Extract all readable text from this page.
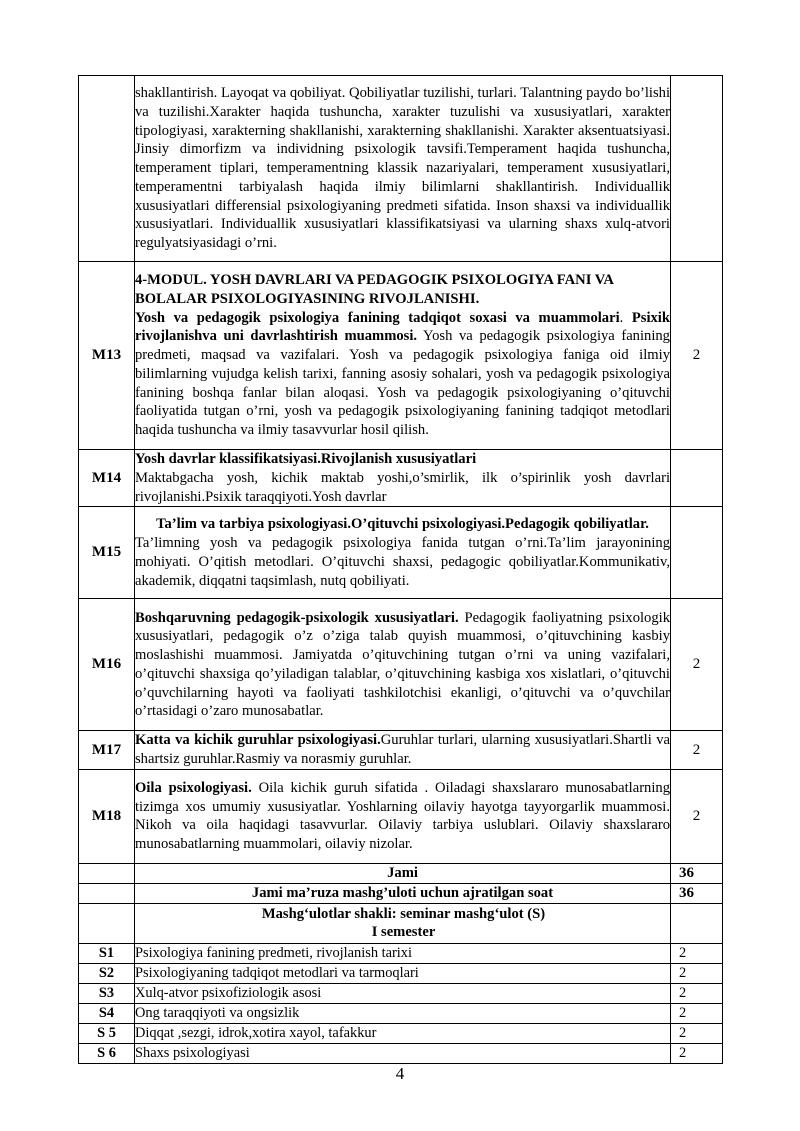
	shakllantirish. Layoqat va qobiliyat. Qobiliyatlar tuzilishi, turlari. Talantning paydo bo’lishi va tuzilishi.Xarakter haqida tushuncha, xarakter tuzulishi va xususiyatlari, xarakter tipologiyasi, xarakterning shakllanishi, xarakterning shakllanishi. Xarakter aksentuatsiyasi. Jinsiy dimorfizm va individning psixologik tavsifi.Temperament haqida tushuncha, temperament tiplari, temperamentning klassik nazariyalari, temperament xususiyatlari, temperamentni tarbiyalash haqida ilmiy bilimlarni shakllantirish. Individuallik xususiyatlari differensial psixologiyaning predmeti sifatida. Inson shaxsi va individuallik xususiyatlari. Individuallik xususiyatlari klassifikatsiyasi va ularning shaxs xulq-atvori regulyatsiyasidagi o’rni.	
M13	4-MODUL. YOSH DAVRLARI VA PEDAGOGIK PSIXOLOGIYA FANI VA BOLALAR PSIXOLOGIYASINING RIVOJLANISHI.
Yosh va pedagogik psixologiya fanining tadqiqot soxasi va muammolari. Psixik rivojlanishva uni davrlashtirish muammosi. Yosh va pedagogik psixologiya fanining predmeti, maqsad va vazifalari. Yosh va pedagogik psixologiya faniga oid ilmiy bilimlarning vujudga kelish tarixi, fanning asosiy sohalari, yosh va pedagogik psixologiya fanining boshqa fanlar bilan aloqasi. Yosh va pedagogik psixologiyaning o’qituvchi faoliyatida tutgan o’rni, yosh va pedagogik psixologiyaning fanining tadqiqot metodlari haqida tushuncha va ilmiy tasavvurlar hosil qilish.	2
M14	Yosh davrlar klassifikatsiyasi.Rivojlanish xususiyatlari
Maktabgacha yosh, kichik maktab yoshi,o’smirlik, ilk o’spirinlik yosh davrlari rivojlanishi.Psixik taraqqiyoti.Yosh davrlar	

M15	Ta’lim va tarbiya psixologiyasi.O’qituvchi psixologiyasi.Pedagogik qobiliyatlar.
Ta’limning yosh va pedagogik psixologiya fanida tutgan o’rni.Ta’lim jarayonining mohiyati. O’qitish metodlari. O’qituvchi shaxsi, pedagogic qobiliyatlar.Kommunikativ, akademik, diqqatni taqsimlash, nutq qobiliyati.	

M16	Boshqaruvning pedagogik-psixologik xususiyatlari. Pedagogik faoliyatning psixologik xususiyatlari, pedagogik o’z o’ziga talab quyish muammosi, o’qituvchining kasbiy moslashishi muammosi. Jamiyatda o’qituvchining tutgan o’rni va uning vazifalari, o’qituvchi shaxsiga qo’yiladigan talablar, o’qituvchining kasbiga xos xislatlari, o’qituvchi o’quvchilarning hayoti va faoliyati tashkilotchisi ekanligi, o’qituvchi va o’quvchilar o’rtasidagi o’zaro munosabatlar.	2
M17	Katta va kichik guruhlar psixologiyasi.Guruhlar turlari, ularning xususiyatlari.Shartli va shartsiz guruhlar.Rasmiy va norasmiy guruhlar.	2
M18	Oila psixologiyasi. Oila kichik guruh sifatida . Oiladagi shaxslararo munosabatlarning tizimga xos umumiy xususiyatlar. Yoshlarning oilaviy hayotga tayyorgarlik muammosi. Nikoh va oila haqidagi tasavvurlar. Oilaviy tarbiya uslublari. Oilaviy shaxslararo munosabatlarning muammolari, oilaviy nizolar.	2
	Jami	36
	Jami ma’ruza mashg’uloti uchun ajratilgan soat	36

	Mashg‘ulotlar shakli: seminar mashg‘ulot (S)
I semester	

S1	Psixologiya fanining predmeti, rivojlanish tarixi	2
S2	Psixologiyaning tadqiqot metodlari va tarmoqlari	2
S3	Xulq-atvor psixofiziologik asosi	2
S4	Ong taraqqiyoti va ongsizlik	2
S 5	Diqqat ,sezgi, idrok,xotira xayol, tafakkur	2
S 6	Shaxs psixologiyasi	2
4
